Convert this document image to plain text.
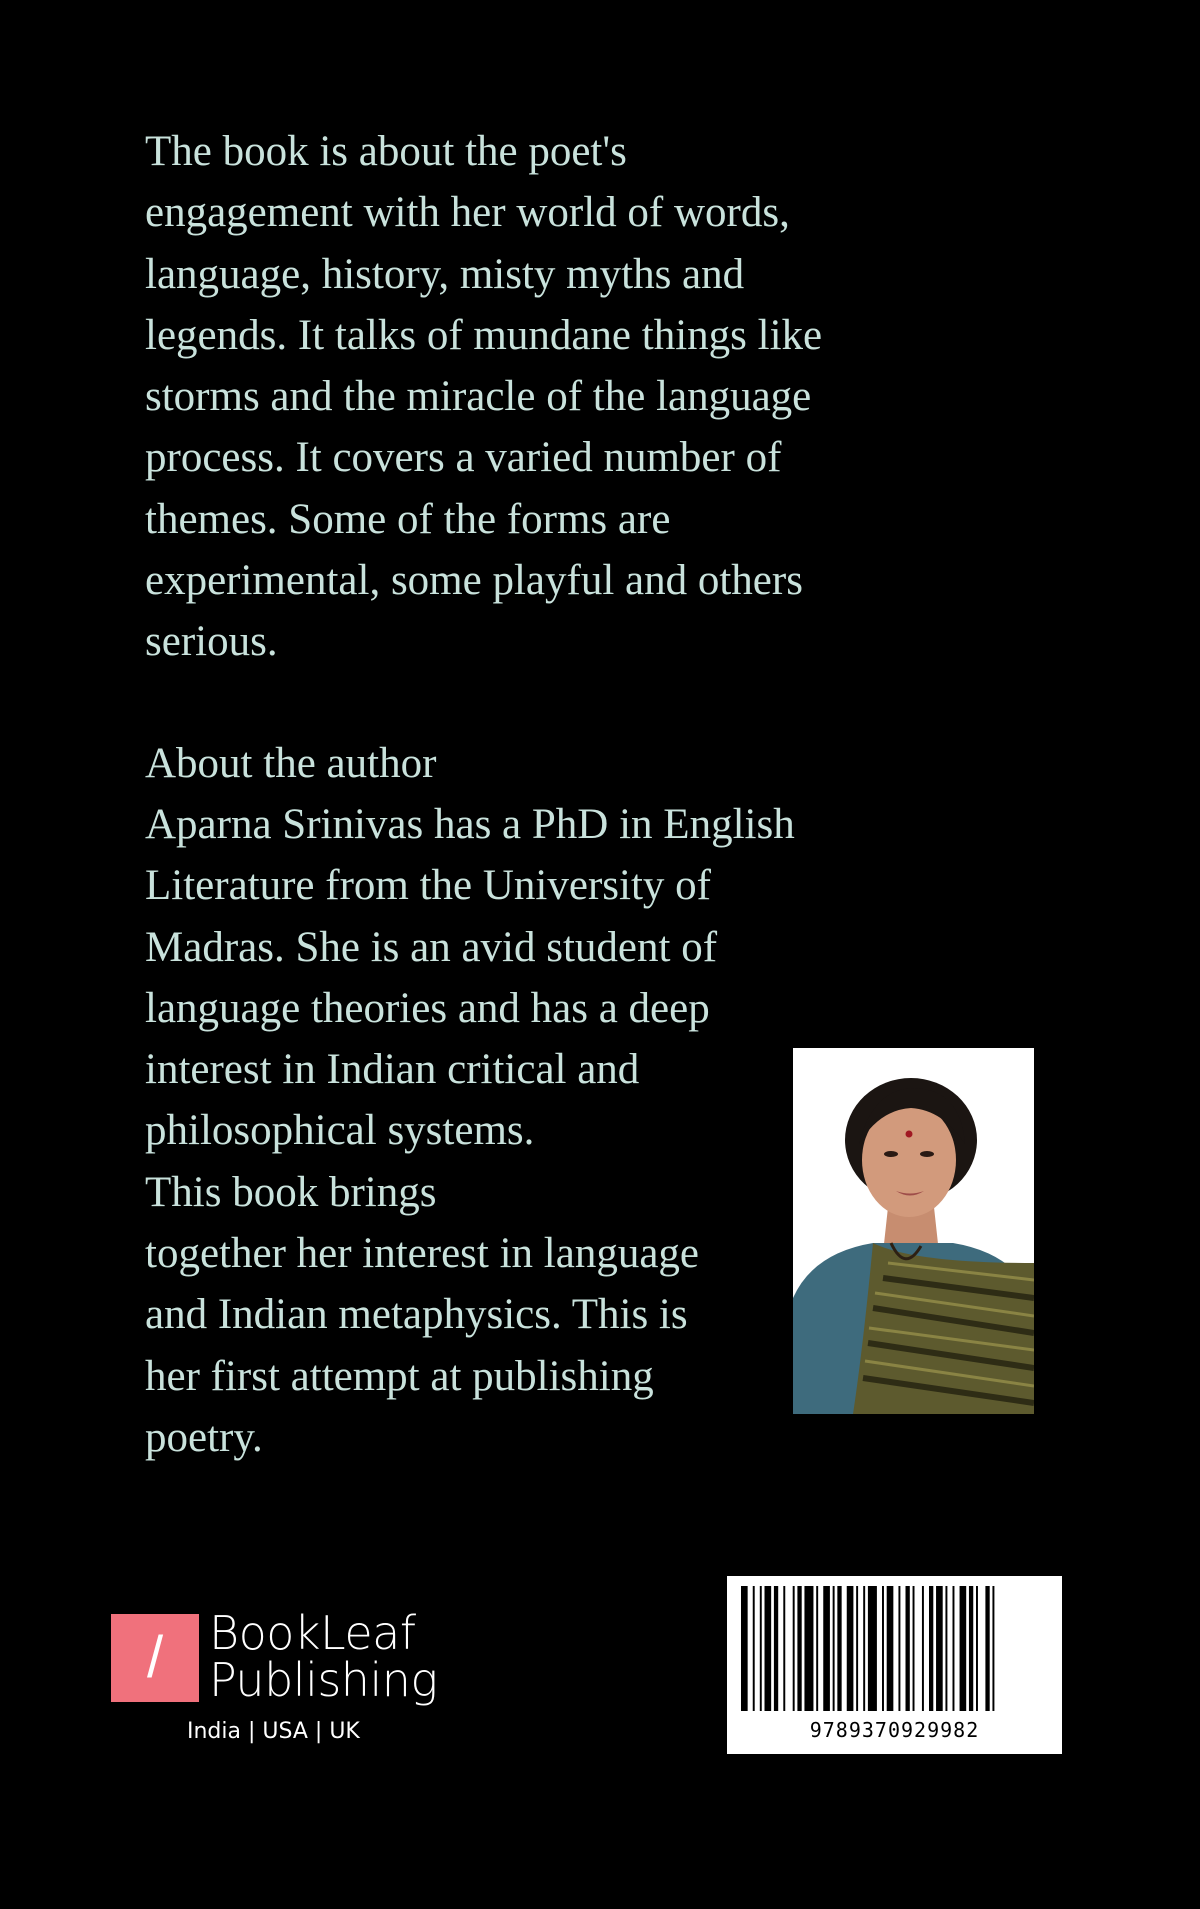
The book is about the poet's
engagement with her world of words,
language, history, misty myths and
legends. It talks of mundane things like
storms and the miracle of the language
process. It covers a varied number of
themes. Some of the forms are
experimental, some playful and others
serious.
About the author
Aparna Srinivas has a PhD in English
Literature from the University of
Madras. She is an avid student of
language theories and has a deep
interest in Indian critical and
philosophical systems.
This book brings
together her interest in language
and Indian metaphysics. This is
her first attempt at publishing
poetry.
/ BookLeaf
Publishing
India | USA | UK	9789370929982
